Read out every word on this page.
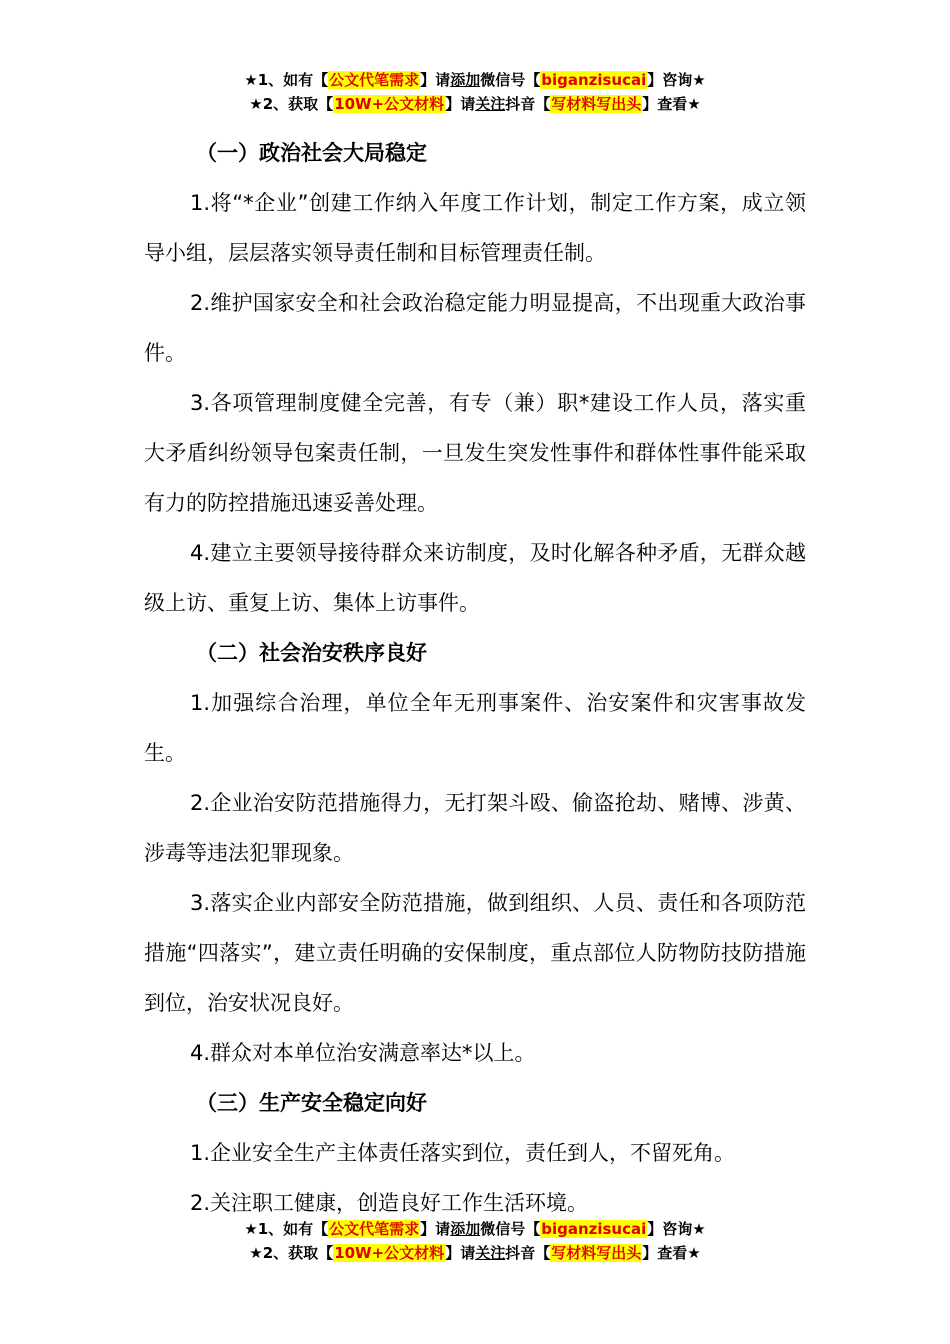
★1、如有【公文代笔需求】请添加微信号【biganzisucai】咨询★
★2、获取【10W+公文材料】请关注抖音【写材料写出头】查看★
（一）政治社会大局稳定
1.将“*企业”创建工作纳入年度工作计划，制定工作方案，成立领导小组，层层落实领导责任制和目标管理责任制。
2.维护国家安全和社会政治稳定能力明显提高，不出现重大政治事件。
3.各项管理制度健全完善，有专（兼）职*建设工作人员，落实重大矛盾纠纷领导包案责任制，一旦发生突发性事件和群体性事件能采取有力的防控措施迅速妥善处理。
4.建立主要领导接待群众来访制度，及时化解各种矛盾，无群众越级上访、重复上访、集体上访事件。
（二）社会治安秩序良好
1.加强综合治理，单位全年无刑事案件、治安案件和灾害事故发生。
2.企业治安防范措施得力，无打架斗殴、偷盗抢劫、赌博、涉黄、涉毒等违法犯罪现象。
3.落实企业内部安全防范措施，做到组织、人员、责任和各项防范措施“四落实”，建立责任明确的安保制度，重点部位人防物防技防措施到位，治安状况良好。
4.群众对本单位治安满意率达*以上。
（三）生产安全稳定向好
1.企业安全生产主体责任落实到位，责任到人，不留死角。
2.关注职工健康，创造良好工作生活环境。
★1、如有【公文代笔需求】请添加微信号【biganzisucai】咨询★
★2、获取【10W+公文材料】请关注抖音【写材料写出头】查看★
